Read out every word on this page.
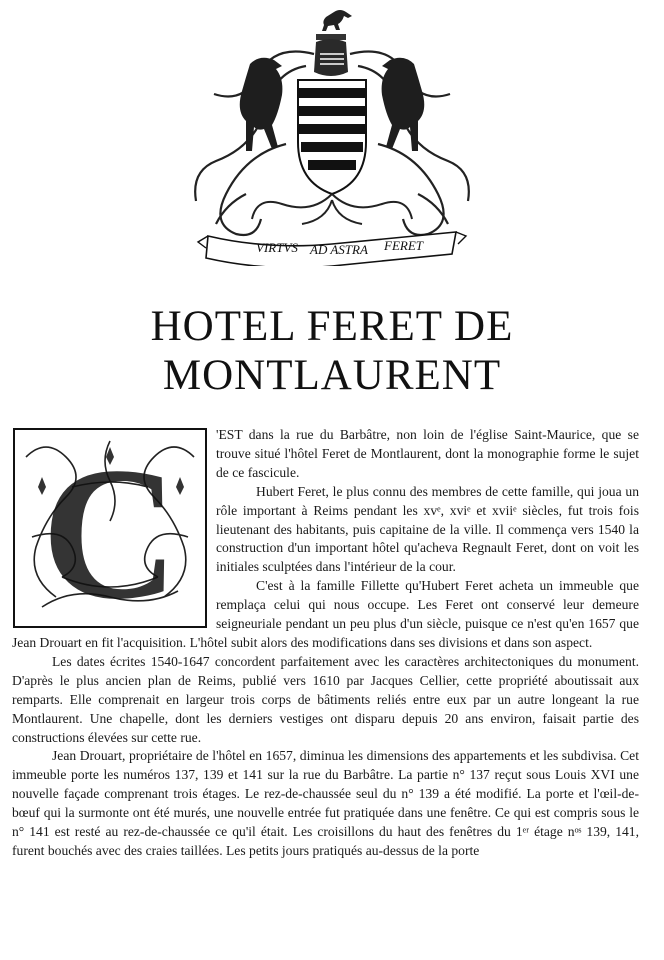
VIRTVS AD ASTRA FERET
HOTEL FERET DE MONTLAURENT
C	'EST dans la rue du Barbâtre, non loin de l'église Saint-Maurice, que se trouve situé l'hôtel Feret de Montlaurent, dont la monographie forme le sujet de ce fascicule.

Hubert Feret, le plus connu des membres de cette famille, qui joua un rôle important à Reims pendant les xvᵉ, xviᵉ et xviiᵉ siècles, fut trois fois lieutenant des habitants, puis capitaine de la ville. Il commença vers 1540 la construction d'un important hôtel qu'acheva Regnault Feret, dont on voit les initiales sculptées dans l'intérieur de la cour.

C'est à la famille Fillette qu'Hubert Feret acheta un immeuble que remplaça celui qui nous occupe. Les Feret ont conservé leur demeure seigneuriale pendant un peu plus d'un siècle, puisque ce n'est qu'en 1657 que Jean Drouart en fit l'acquisition. L'hôtel subit alors des modifications dans ses divisions et dans son aspect.

Les dates écrites 1540-1647 concordent parfaitement avec les caractères architectoniques du monument. D'après le plus ancien plan de Reims, publié vers 1610 par Jacques Cellier, cette propriété aboutissait aux remparts. Elle comprenait en largeur trois corps de bâtiments reliés entre eux par un autre longeant la rue Montlaurent. Une chapelle, dont les derniers vestiges ont disparu depuis 20 ans environ, faisait partie des constructions élevées sur cette rue.

Jean Drouart, propriétaire de l'hôtel en 1657, diminua les dimensions des appartements et les subdivisa. Cet immeuble porte les numéros 137, 139 et 141 sur la rue du Barbâtre. La partie n° 137 reçut sous Louis XVI une nouvelle façade comprenant trois étages. Le rez-de-chaussée seul du n° 139 a été modifié. La porte et l'œil-de-bœuf qui la surmonte ont été murés, une nouvelle entrée fut pratiquée dans une fenêtre. Ce qui est compris sous le n° 141 est resté au rez-de-chaussée ce qu'il était. Les croisillons du haut des fenêtres du 1ᵉʳ étage nᵒˢ 139, 141, furent bouchés avec des craies taillées. Les petits jours pratiqués au-dessus de la porte
